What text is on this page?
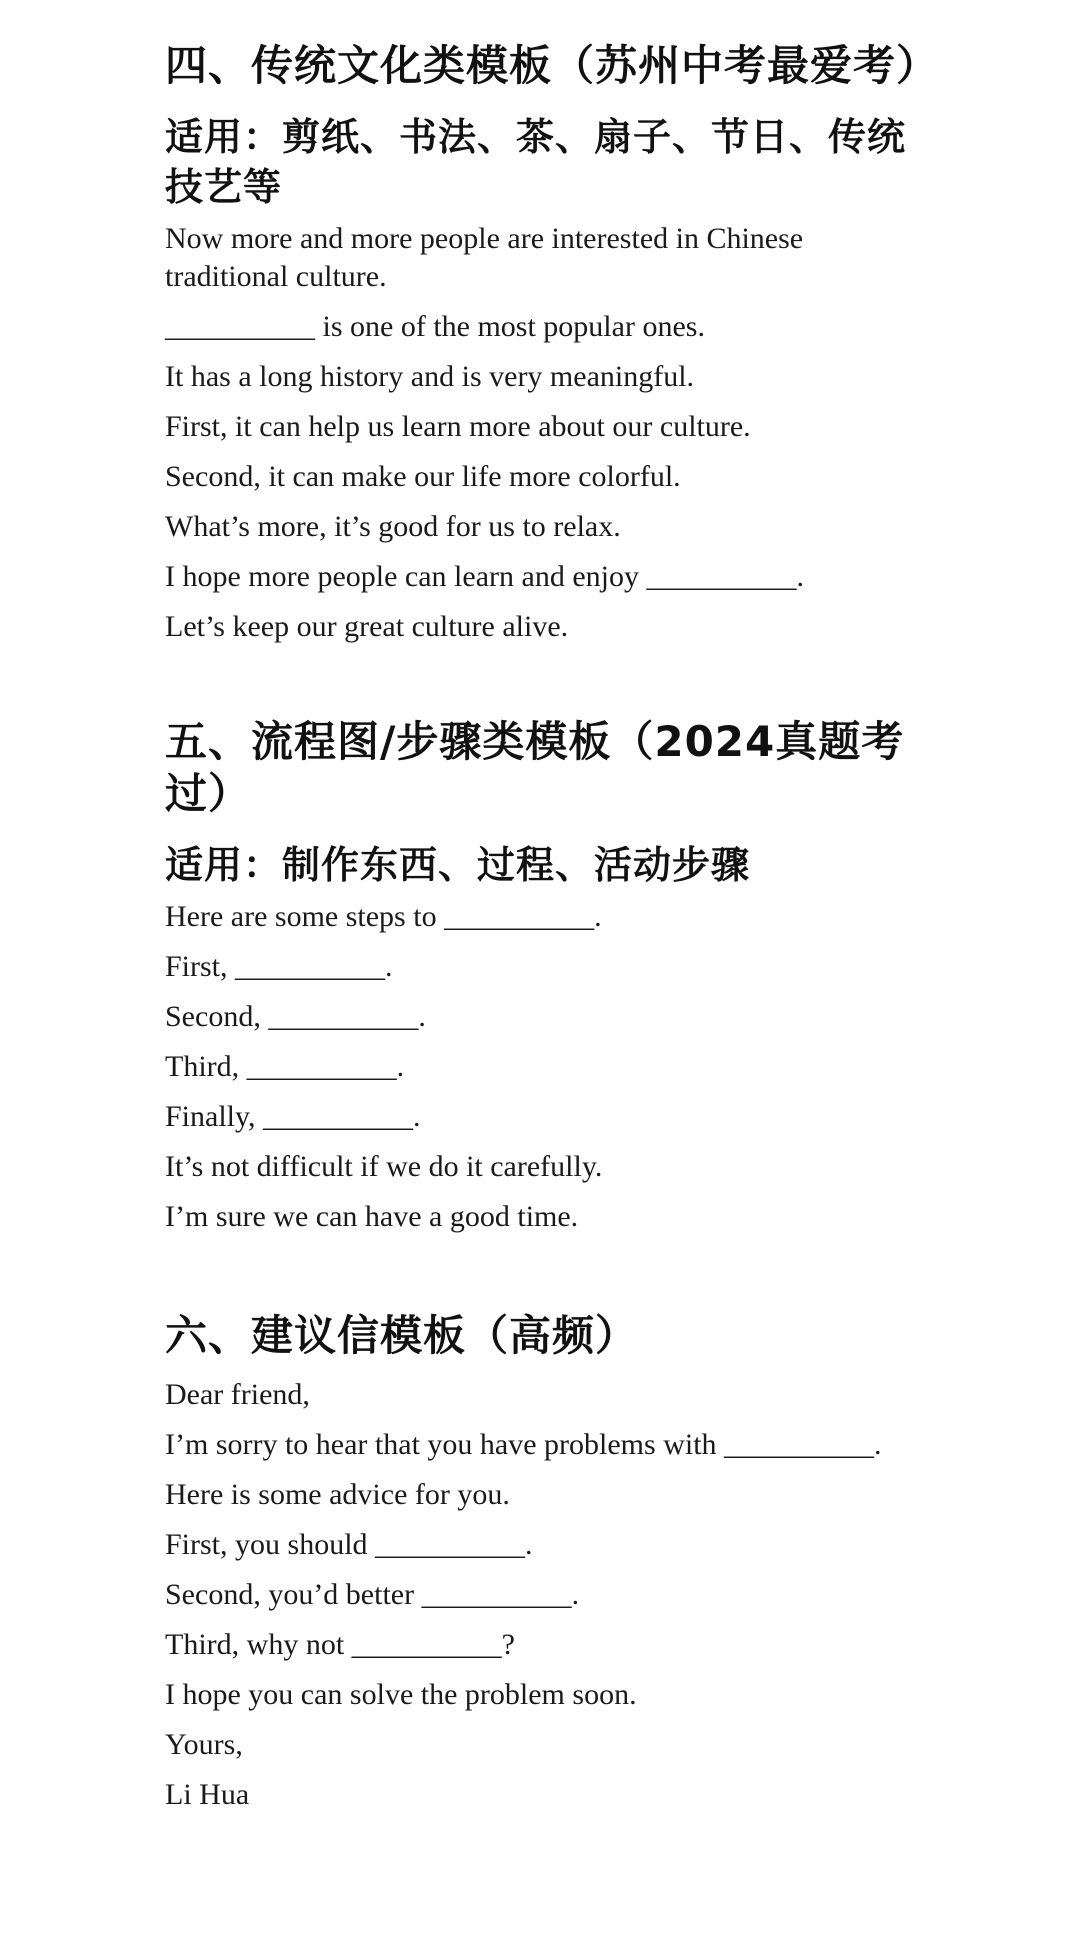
四、传统文化类模板（苏州中考最爱考）
适用：剪纸、书法、茶、扇子、节日、传统技艺等

Now more and more people are interested in Chinese traditional culture.

__________ is one of the most popular ones.

It has a long history and is very meaningful.

First, it can help us learn more about our culture.

Second, it can make our life more colorful.

What’s more, it’s good for us to relax.

I hope more people can learn and enjoy __________.

Let’s keep our great culture alive.

五、流程图/步骤类模板（2024真题考过）
适用：制作东西、过程、活动步骤

Here are some steps to __________.

First, __________.

Second, __________.

Third, __________.

Finally, __________.

It’s not difficult if we do it carefully.

I’m sure we can have a good time.

六、建议信模板（高频）

Dear friend,

I’m sorry to hear that you have problems with __________.

Here is some advice for you.

First, you should __________.

Second, you’d better __________.

Third, why not __________?

I hope you can solve the problem soon.

Yours,

Li Hua
